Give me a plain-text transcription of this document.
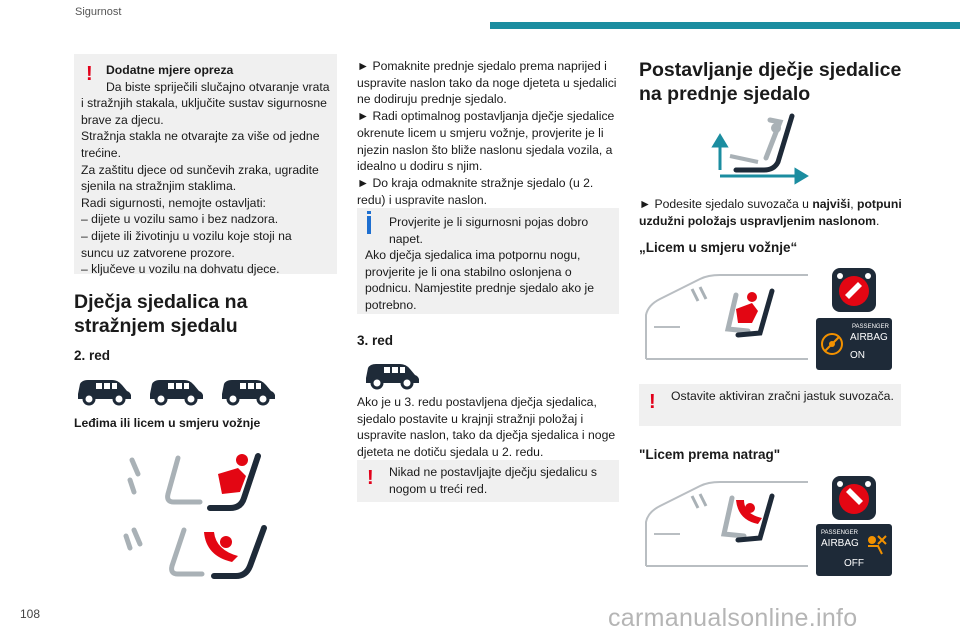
Sigurnost
108	carmanualsonline.info
!	Dodatne mjere opreza

Da biste spriječili slučajno otvaranje vrata

i stražnjih stakala, uključite sustav sigurnosne

brave za djecu.

Stražnja stakla ne otvarajte za više od jedne

trećine.

Za zaštitu djece od sunčevih zraka, ugradite

sjenila na stražnjim staklima.

Radi sigurnosti, nemojte ostavljati:

– dijete u vozilu samo i bez nadzora.

– dijete ili životinju u vozilu koje stoji na

suncu uz zatvorene prozore.

– ključeve u vozilu na dohvatu djece.

Dječja sjedalica na
stražnjem sjedalu
2. red
Leđima ili licem u smjeru vožnje
► Pomaknite prednje sjedalo prema naprijed i
uspravite naslon tako da noge djeteta u sjedalici
ne dodiruju prednje sjedalo.
► Radi optimalnog postavljanja dječje sjedalice
okrenute licem u smjeru vožnje, provjerite je li
njezin naslon što bliže naslonu sjedala vozila, a
idealno u dodiru s njim.
► Do kraja odmaknite stražnje sjedalo (u 2.
redu) i uspravite naslon.

Provjerite je li sigurnosni pojas dobro

napet.

Ako dječja sjedalica ima potpornu nogu,

provjerite je li ona stabilno oslonjena o

podnicu. Namjestite prednje sjedalo ako je

potrebno.

3. red
Ako je u 3. redu postavljena dječja sjedalica,
sjedalo postavite u krajnji stražnji položaj i
uspravite naslon, tako da dječja sjedalica i noge
djeteta ne dotiču sjedala u 2. redu.
!	Nikad ne postavljajte dječju sjedalicu s

nogom u treći red.

Postavljanje dječje sjedalice
na prednje sjedalo
► Podesite sjedalo suvozača u najviši, potpuni
uzdužni položajs uspravljenim naslonom.
„Licem u smjeru vožnje“
PASSENGER
AIRBAG
ON
!	Ostavite aktiviran zračni jastuk suvozača.

"Licem prema natrag"
PASSENGER
AIRBAG
OFF
